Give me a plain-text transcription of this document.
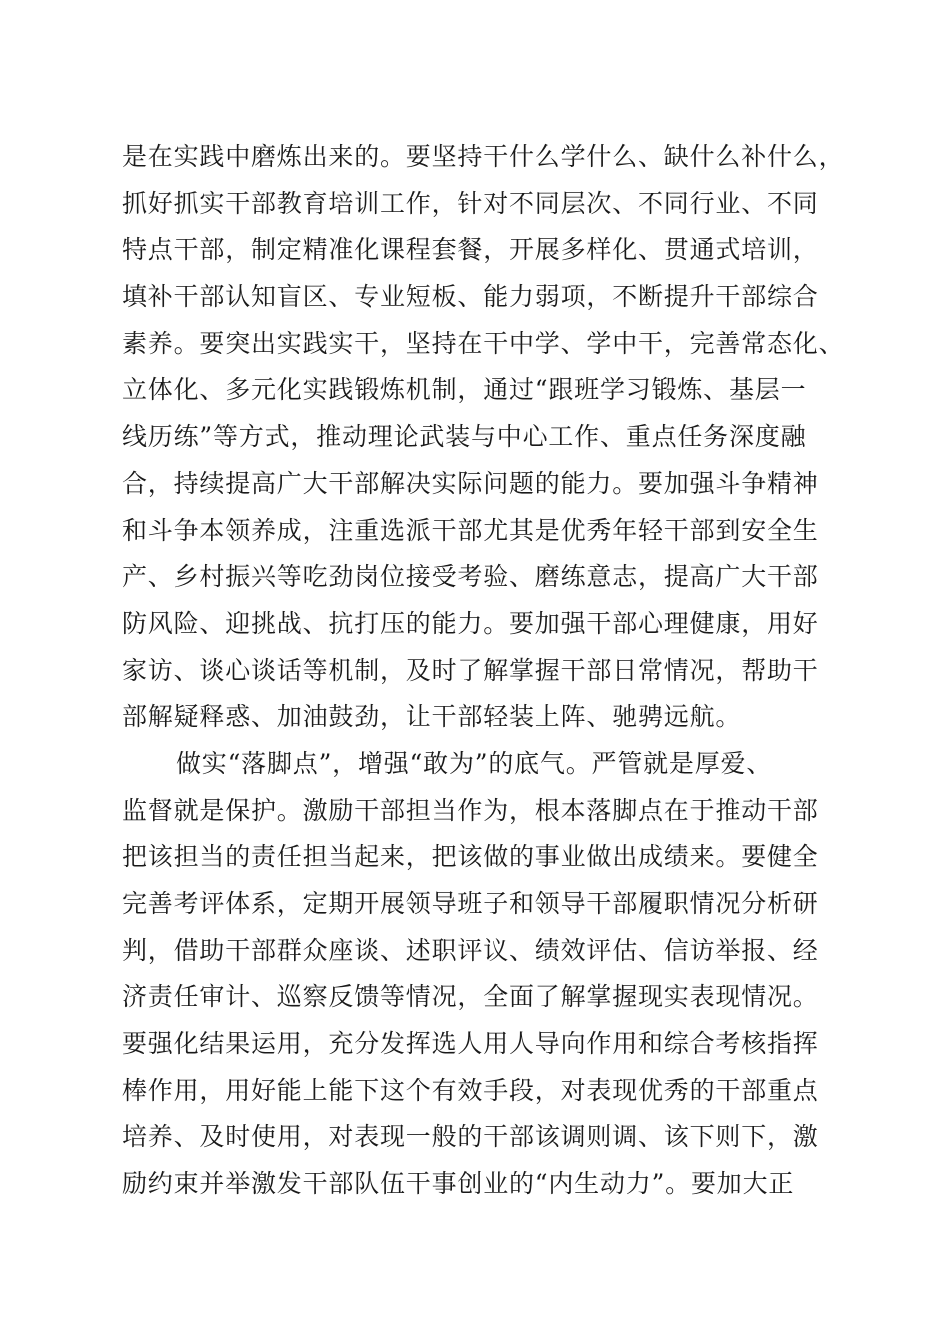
是在实践中磨炼出来的。要坚持干什么学什么、缺什么补什么，
抓好抓实干部教育培训工作，针对不同层次、不同行业、不同
特点干部，制定精准化课程套餐，开展多样化、贯通式培训，
填补干部认知盲区、专业短板、能力弱项，不断提升干部综合
素养。要突出实践实干，坚持在干中学、学中干，完善常态化、
立体化、多元化实践锻炼机制，通过“跟班学习锻炼、基层一
线历练”等方式，推动理论武装与中心工作、重点任务深度融
合，持续提高广大干部解决实际问题的能力。要加强斗争精神
和斗争本领养成，注重选派干部尤其是优秀年轻干部到安全生
产、乡村振兴等吃劲岗位接受考验、磨练意志，提高广大干部
防风险、迎挑战、抗打压的能力。要加强干部心理健康，用好
家访、谈心谈话等机制，及时了解掌握干部日常情况，帮助干
部解疑释惑、加油鼓劲，让干部轻装上阵、驰骋远航。
做实“落脚点”，增强“敢为”的底气。严管就是厚爱、
监督就是保护。激励干部担当作为，根本落脚点在于推动干部
把该担当的责任担当起来，把该做的事业做出成绩来。要健全
完善考评体系，定期开展领导班子和领导干部履职情况分析研
判，借助干部群众座谈、述职评议、绩效评估、信访举报、经
济责任审计、巡察反馈等情况，全面了解掌握现实表现情况。
要强化结果运用，充分发挥选人用人导向作用和综合考核指挥
棒作用，用好能上能下这个有效手段，对表现优秀的干部重点
培养、及时使用，对表现一般的干部该调则调、该下则下，激
励约束并举激发干部队伍干事创业的“内生动力”。要加大正
